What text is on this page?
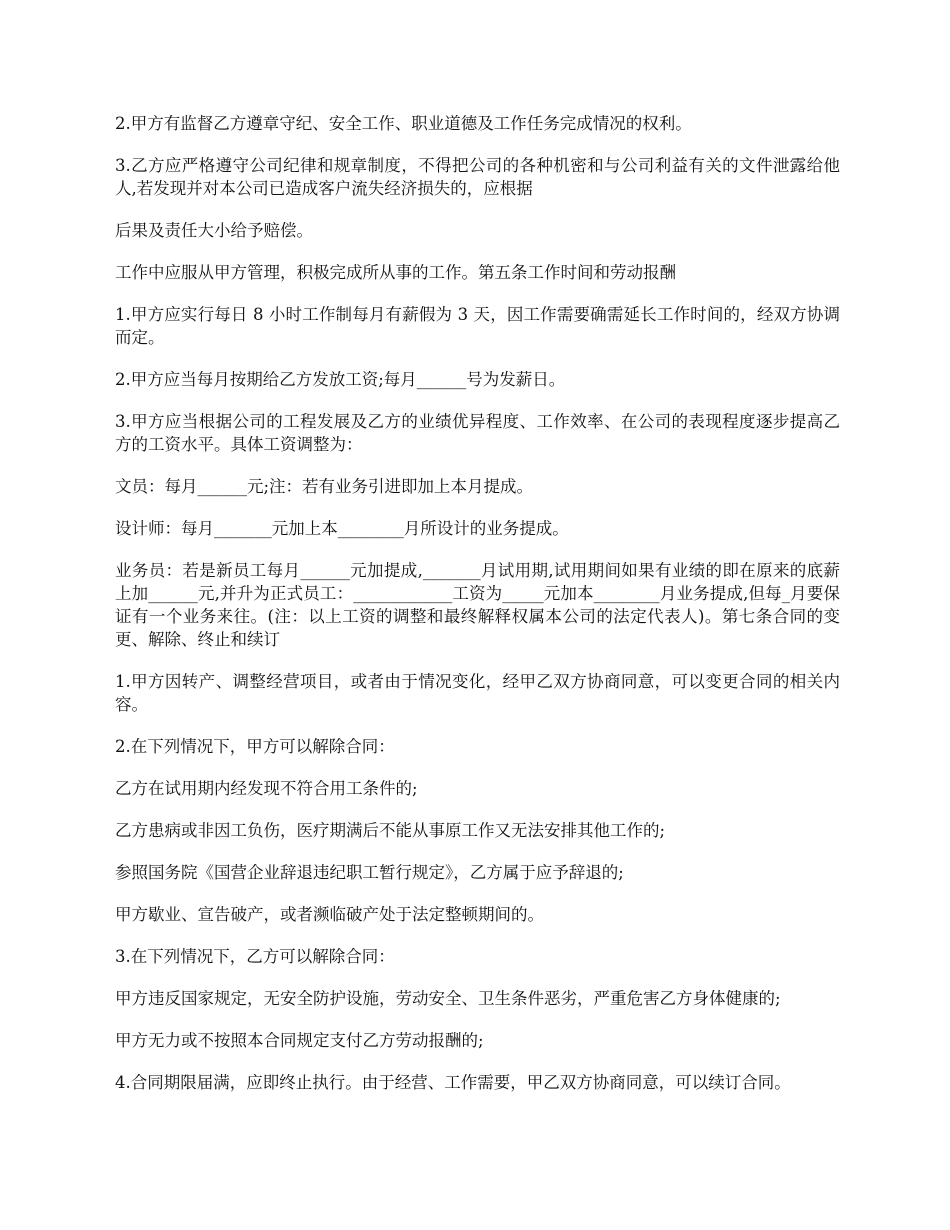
2.甲方有监督乙方遵章守纪、安全工作、职业道德及工作任务完成情况的权利。

3.乙方应严格遵守公司纪律和规章制度，不得把公司的各种机密和与公司利益有关的文件泄露给他人,若发现并对本公司已造成客户流失经济损失的，应根据

后果及责任大小给予赔偿。

工作中应服从甲方管理，积极完成所从事的工作。第五条工作时间和劳动报酬

1.甲方应实行每日 8 小时工作制每月有薪假为 3 天，因工作需要确需延长工作时间的，经双方协调而定。

2.甲方应当每月按期给乙方发放工资;每月______号为发薪日。

3.甲方应当根据公司的工程发展及乙方的业绩优异程度、工作效率、在公司的表现程度逐步提高乙方的工资水平。具体工资调整为：

文员：每月______元;注：若有业务引进即加上本月提成。

设计师：每月_______元加上本________月所设计的业务提成。

业务员：若是新员工每月______元加提成,_______月试用期,试用期间如果有业绩的即在原来的底薪上加______元,并升为正式员工：____________工资为_____元加本________月业务提成,但每_月要保证有一个业务来往。(注：以上工资的调整和最终解释权属本公司的法定代表人)。第七条合同的变更、解除、终止和续订

1.甲方因转产、调整经营项目，或者由于情况变化，经甲乙双方协商同意，可以变更合同的相关内容。

2.在下列情况下，甲方可以解除合同：

乙方在试用期内经发现不符合用工条件的;

乙方患病或非因工负伤，医疗期满后不能从事原工作又无法安排其他工作的;

参照国务院《国营企业辞退违纪职工暂行规定》，乙方属于应予辞退的;

甲方歇业、宣告破产，或者濒临破产处于法定整顿期间的。

3.在下列情况下，乙方可以解除合同：

甲方违反国家规定，无安全防护设施，劳动安全、卫生条件恶劣，严重危害乙方身体健康的;

甲方无力或不按照本合同规定支付乙方劳动报酬的;

4.合同期限届满，应即终止执行。由于经营、工作需要，甲乙双方协商同意，可以续订合同。
